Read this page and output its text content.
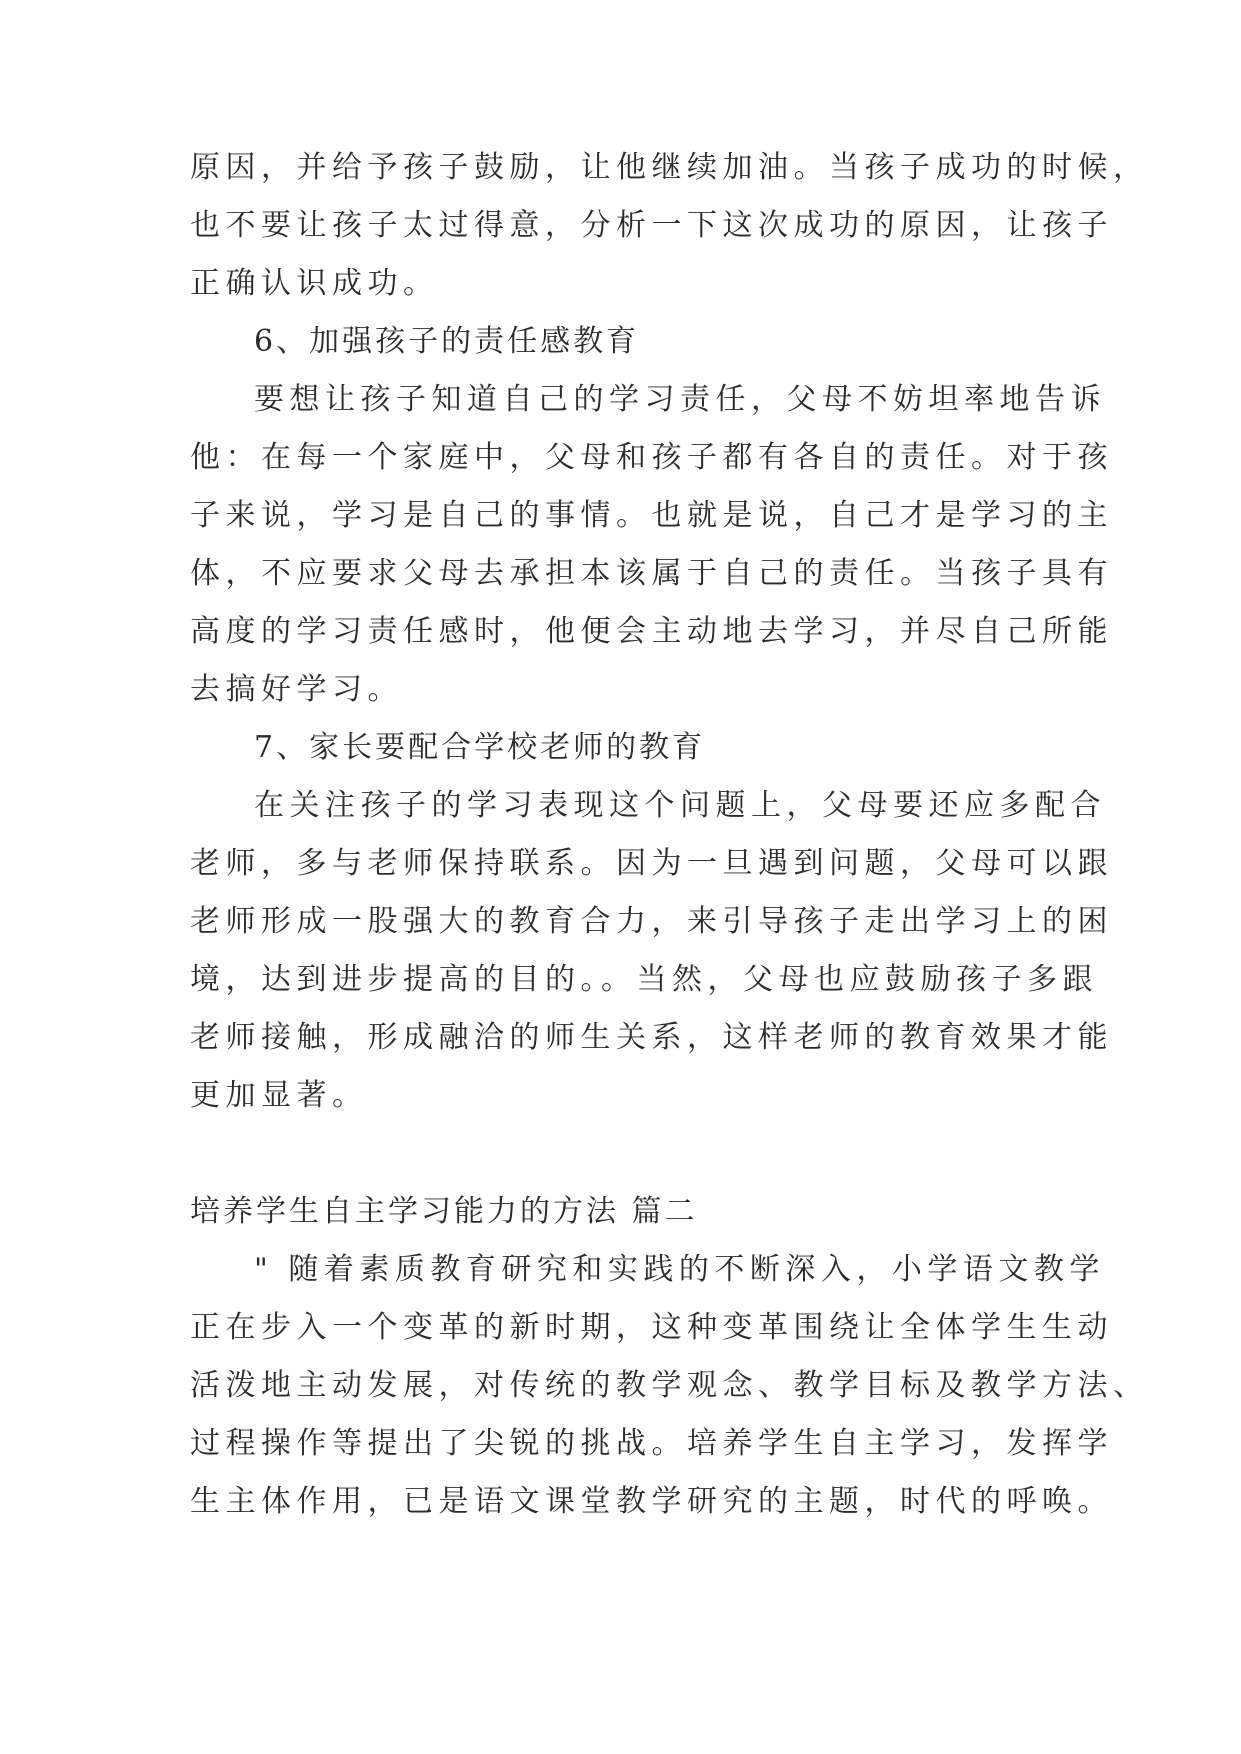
原因，并给予孩子鼓励，让他继续加油。当孩子成功的时候，
也不要让孩子太过得意，分析一下这次成功的原因，让孩子
正确认识成功。
6、加强孩子的责任感教育
要想让孩子知道自己的学习责任，父母不妨坦率地告诉
他：在每一个家庭中，父母和孩子都有各自的责任。对于孩
子来说，学习是自己的事情。也就是说，自己才是学习的主
体，不应要求父母去承担本该属于自己的责任。当孩子具有
高度的学习责任感时，他便会主动地去学习，并尽自己所能
去搞好学习。
7、家长要配合学校老师的教育
在关注孩子的学习表现这个问题上，父母要还应多配合
老师，多与老师保持联系。因为一旦遇到问题，父母可以跟
老师形成一股强大的教育合力，来引导孩子走出学习上的困
境，达到进步提高的目的。。当然，父母也应鼓励孩子多跟
老师接触，形成融洽的师生关系，这样老师的教育效果才能
更加显著。
培养学生自主学习能力的方法 篇二
" 随着素质教育研究和实践的不断深入，小学语文教学
正在步入一个变革的新时期，这种变革围绕让全体学生生动
活泼地主动发展，对传统的教学观念、教学目标及教学方法、
过程操作等提出了尖锐的挑战。培养学生自主学习，发挥学
生主体作用，已是语文课堂教学研究的主题，时代的呼唤。
